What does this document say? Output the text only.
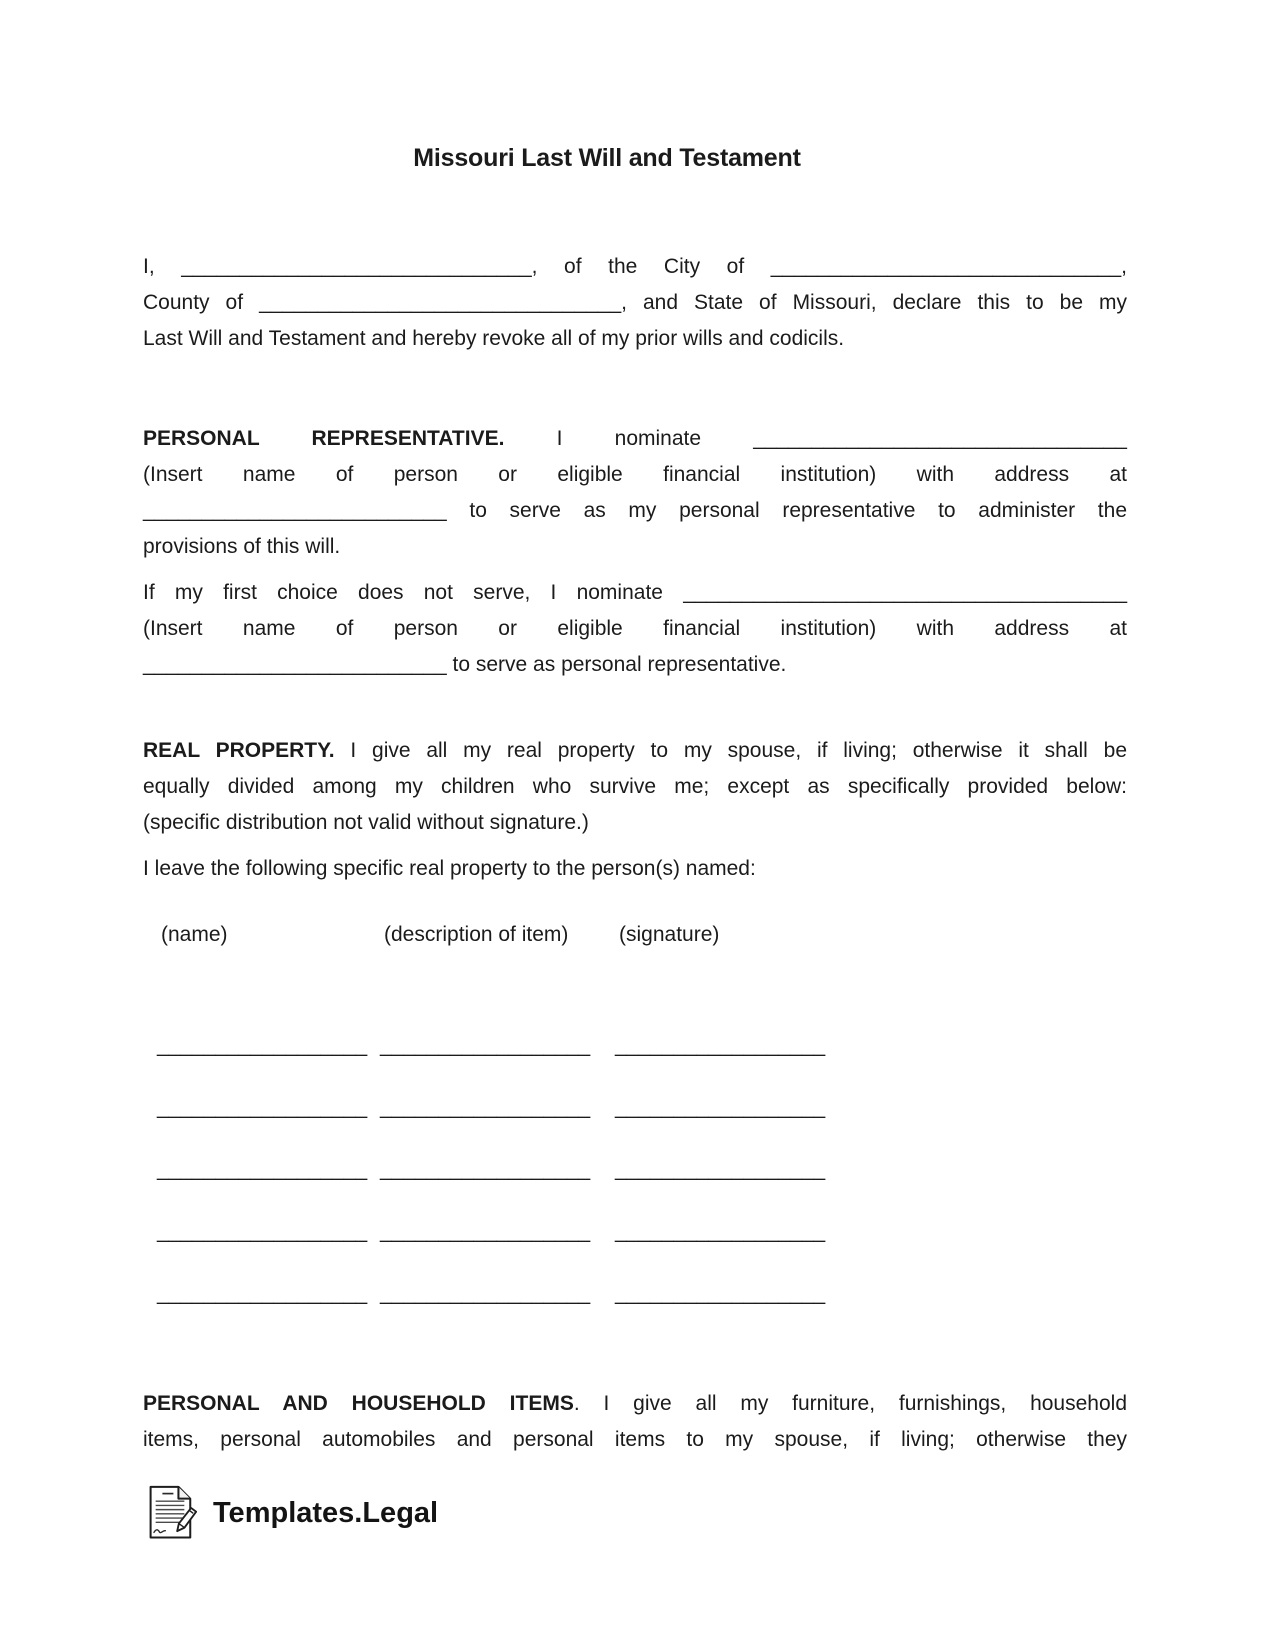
Missouri Last Will and Testament
I, ______________________________, of the City of ______________________________,
County of _______________________________, and State of Missouri, declare this to be my
Last Will and Testament and hereby revoke all of my prior wills and codicils.
PERSONAL REPRESENTATIVE. I nominate ________________________________
(Insert name of person or eligible financial institution) with address at
__________________________ to serve as my personal representative to administer the
provisions of this will.
If my first choice does not serve, I nominate ______________________________________
(Insert name of person or eligible financial institution) with address at
__________________________ to serve as personal representative.
REAL PROPERTY. I give all my real property to my spouse, if living; otherwise it shall be
equally divided among my children who survive me; except as specifically provided below:
(specific distribution not valid without signature.)
I leave the following specific real property to the person(s) named:
(name)	(description of item)	(signature)
__________________ __________________ __________________
__________________ __________________ __________________
__________________ __________________ __________________
__________________ __________________ __________________
__________________ __________________ __________________
PERSONAL AND HOUSEHOLD ITEMS. I give all my furniture, furnishings, household
items, personal automobiles and personal items to my spouse, if living; otherwise they
Templates.Legal
